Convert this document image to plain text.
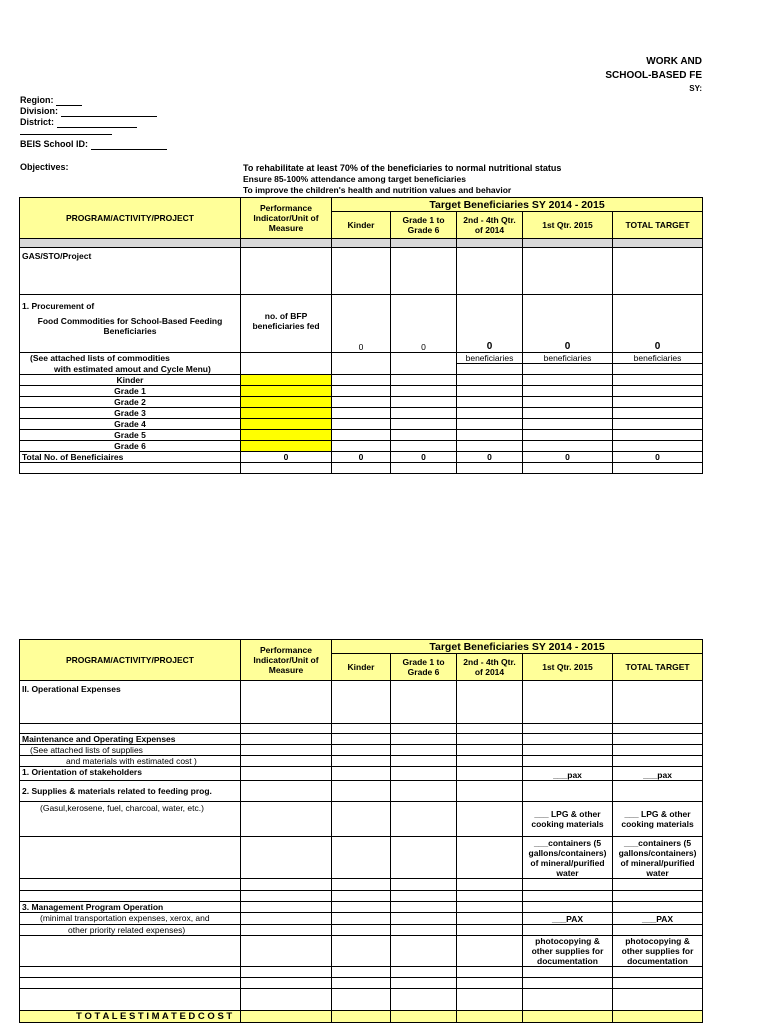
WORK AND
SCHOOL-BASED FE
SY:
Region:
Division:
District:
BEIS School ID:
Objectives:	To rehabilitate at least 70% of the beneficiaries to normal nutritional status
Ensure 85-100% attendance among target beneficiaries
To improve the children's health and nutrition values and behavior
PROGRAM/ACTIVITY/PROJECT	Performance Indicator/Unit of Measure	Target Beneficiaries SY 2014 - 2015				
		Kinder	Grade 1 to Grade 6	2nd - 4th Qtr. of 2014	1st Qtr. 2015	TOTAL TARGET

GAS/STO/Project						
1. Procurement of						
Food Commodities for School-Based Feeding Beneficiaries	no. of BFP beneficiaries fed	0	0	0	0	0
(See attached lists of commodities				beneficiaries	beneficiaries	beneficiaries
with estimated amout and Cycle Menu)						
Kinder						
Grade 1						
Grade 2						
Grade 3						
Grade 4						
Grade 5						
Grade 6						
Total No. of Beneficiaires	0	0	0	0	0	0

PROGRAM/ACTIVITY/PROJECT	Performance Indicator/Unit of Measure	Target Beneficiaries SY 2014 - 2015				
		Kinder	Grade 1 to Grade 6	2nd - 4th Qtr. of 2014	1st Qtr. 2015	TOTAL TARGET
II. Operational Expenses						

Maintenance and Operating Expenses						
(See attached lists of supplies						
and materials with estimated cost )						
1. Orientation of stakeholders					___pax	___pax
2. Supplies & materials related to feeding prog.						
(Gasul,kerosene, fuel, charcoal, water, etc.)					___ LPG & other cooking materials	___ LPG & other cooking materials
					___containers (5 gallons/containers) of mineral/purified water	___containers (5 gallons/containers) of mineral/purified water

3. Management Program Operation						
(minimal transportation expenses, xerox, and					___PAX	___PAX
other priority related expenses)						
					photocopying & other supplies for documentation	photocopying & other supplies for documentation

T O T A L E S T I M A T E D C O S T						
